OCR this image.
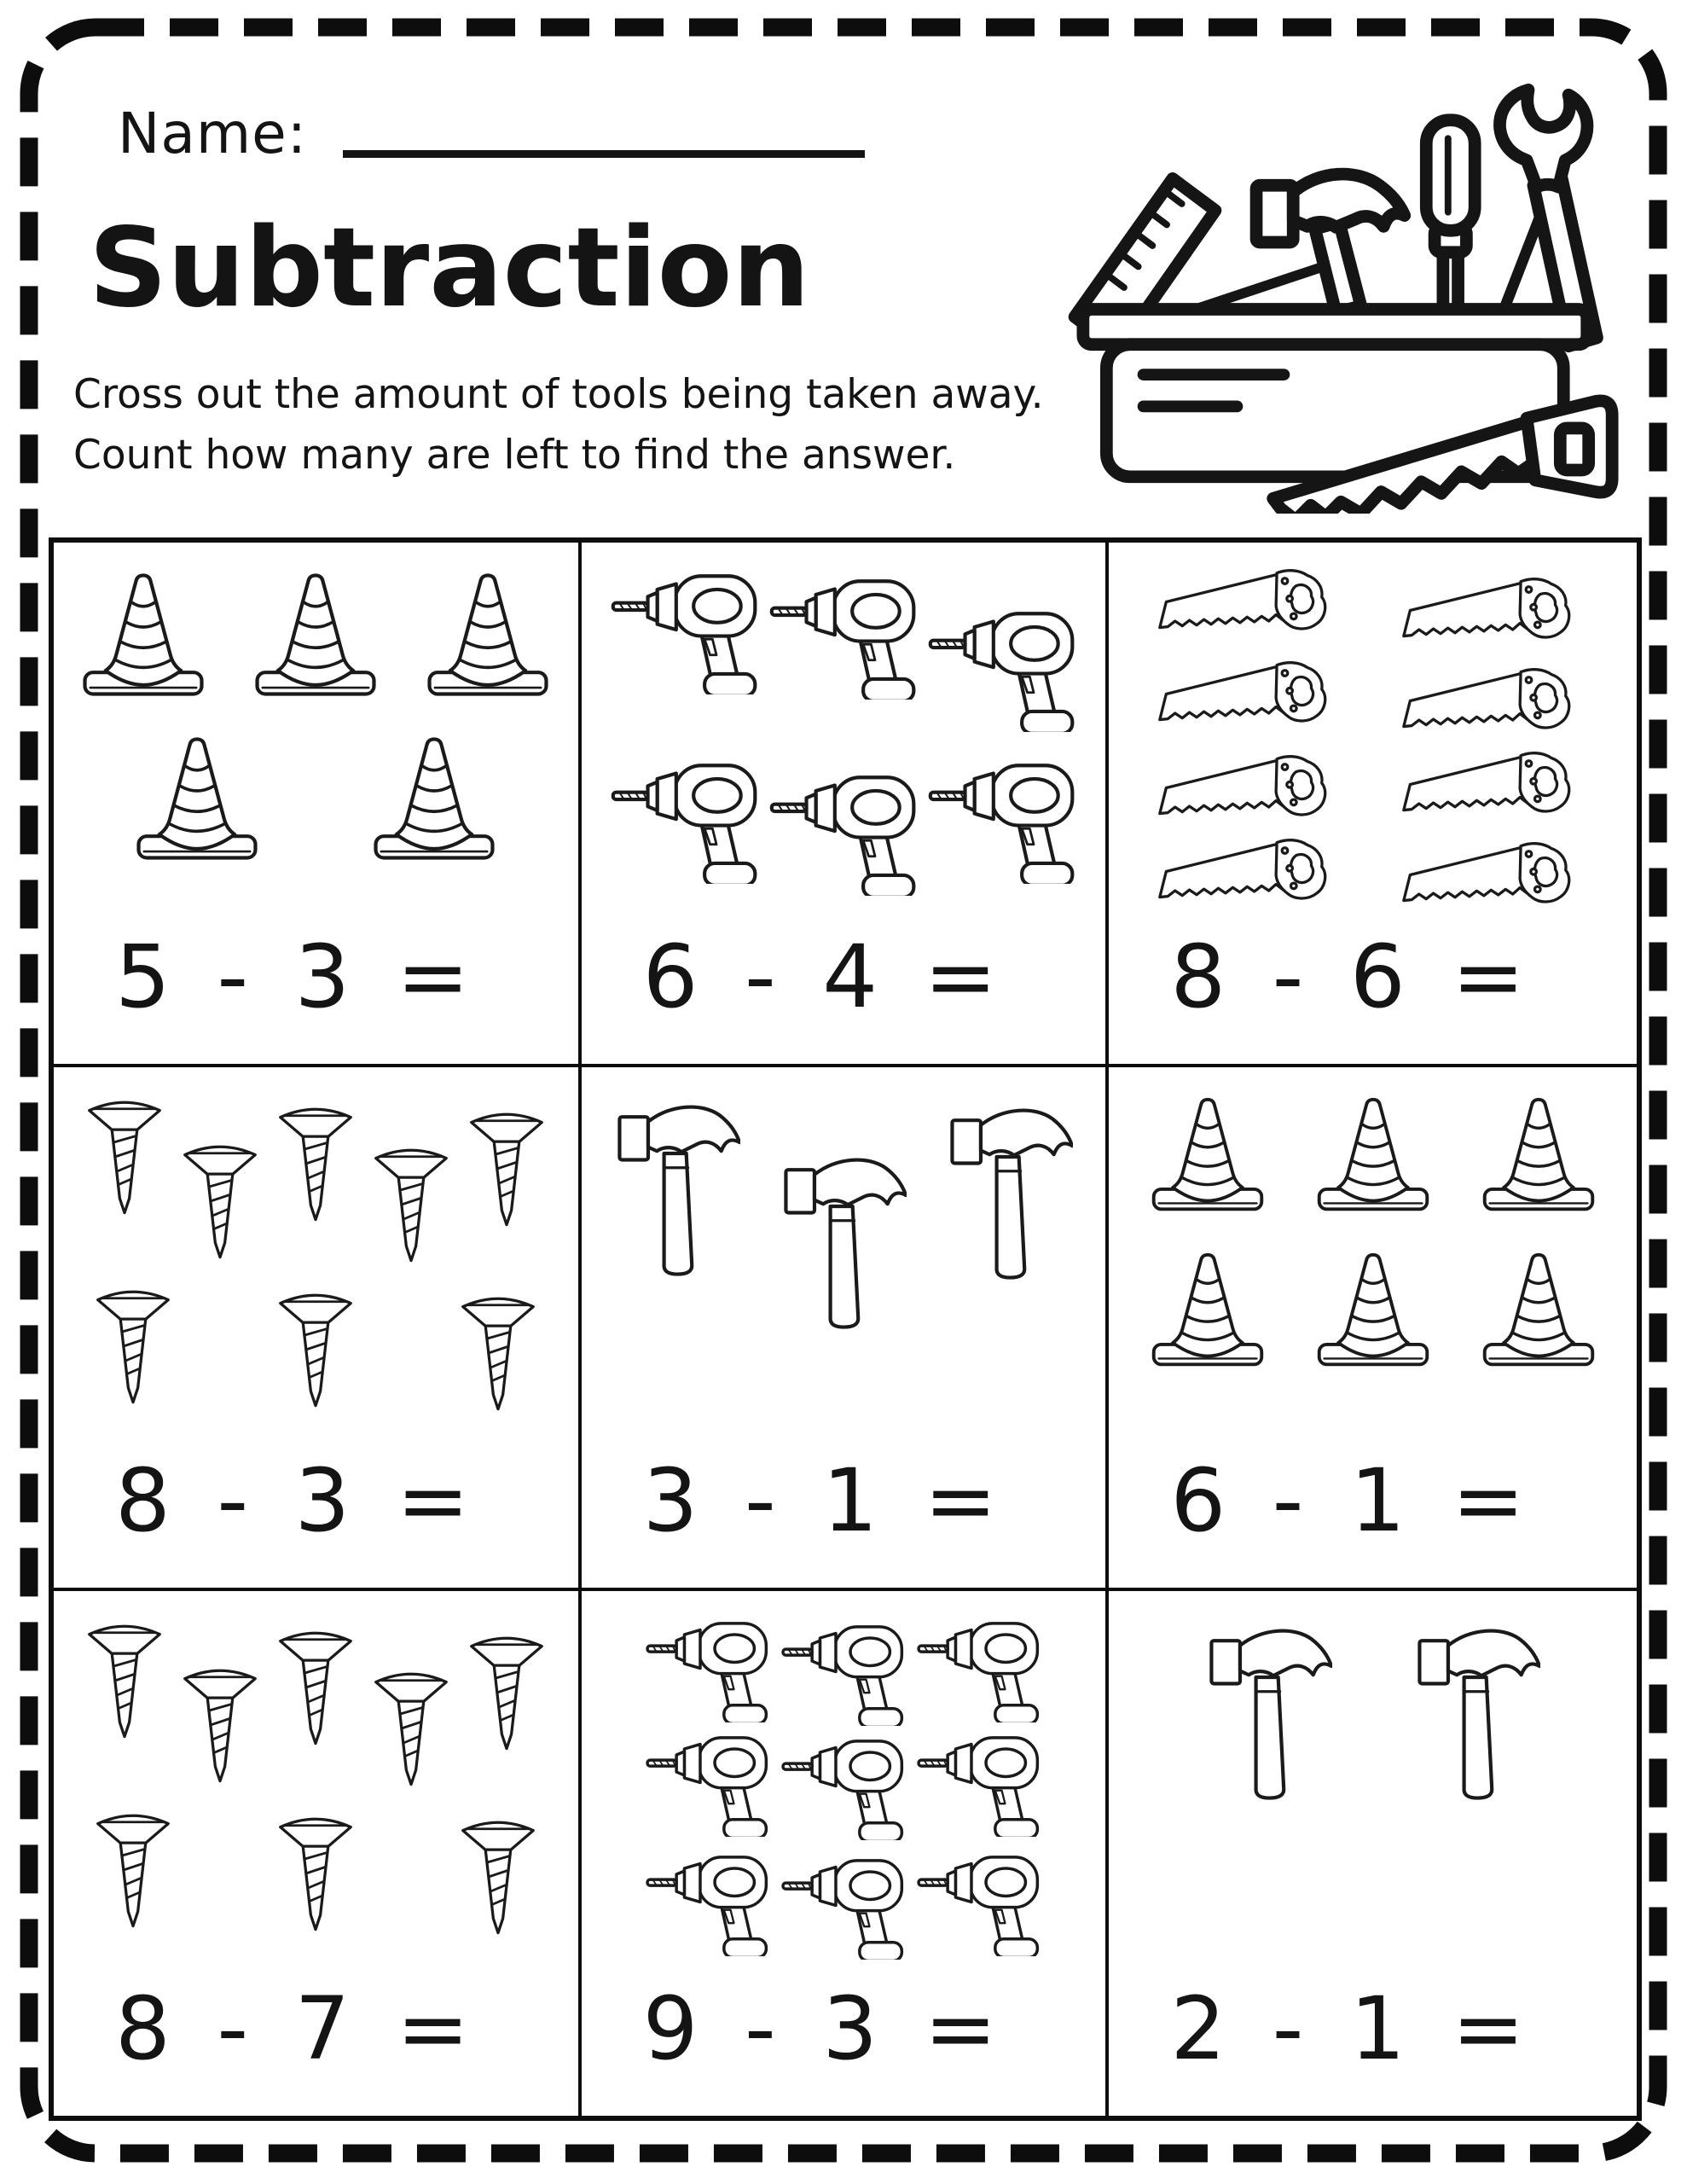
Name:
Subtraction
Cross out the amount of tools being taken away.
Count how many are left to find the answer.
5 - 3 =	6 - 4 =	8 - 6 =
8 - 3 =	3 - 1 =	6 - 1 =
8 - 7 =	9 - 3 =	2 - 1 =
